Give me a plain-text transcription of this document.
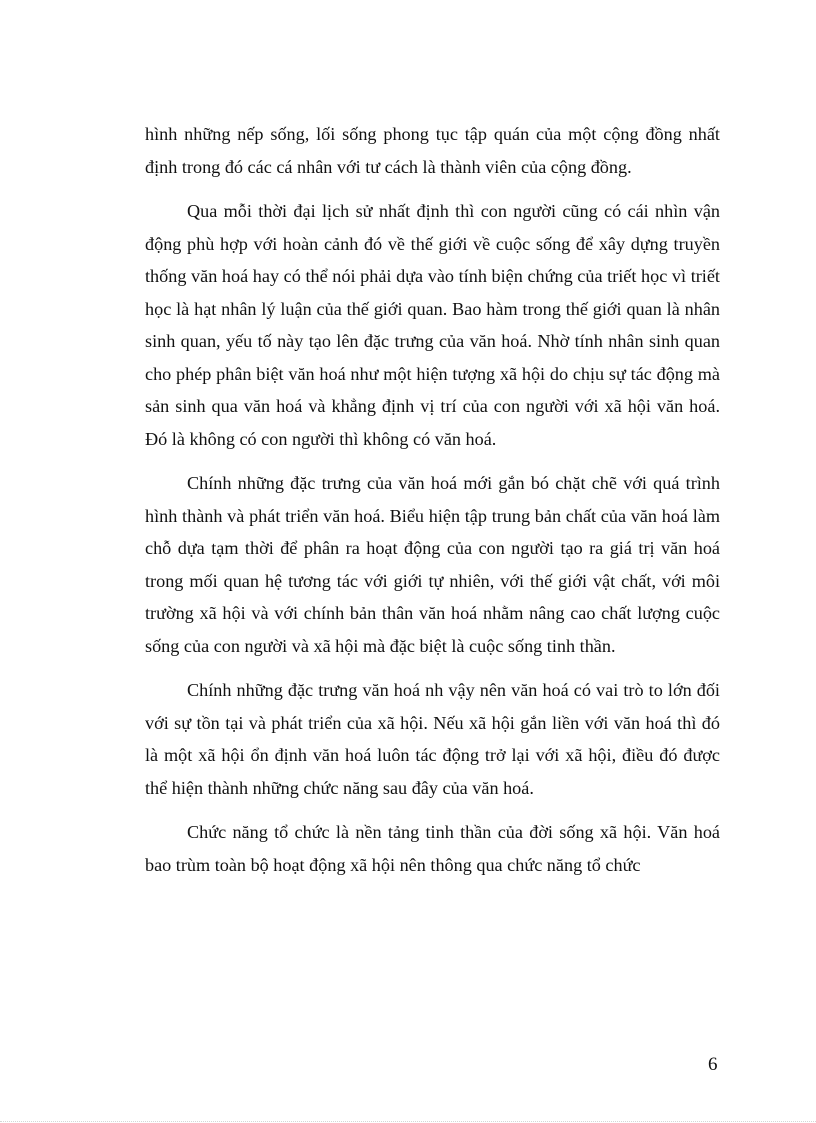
hình những nếp sống, lối sống phong tục tập quán của một cộng đồng nhất định trong đó các cá nhân với tư cách là thành viên của cộng đồng.

Qua mỗi thời đại lịch sử nhất định thì con người cũng có cái nhìn vận động phù hợp với hoàn cảnh đó về thế giới về cuộc sống để xây dựng truyền thống văn hoá hay có thể nói phải dựa vào tính biện chứng của triết học vì triết học là hạt nhân lý luận của thế giới quan. Bao hàm trong thế giới quan là nhân sinh quan, yếu tố này tạo lên đặc trưng của văn hoá. Nhờ tính nhân sinh quan cho phép phân biệt văn hoá như một hiện tượng xã hội do chịu sự tác động mà sản sinh qua văn hoá và khẳng định vị trí của con người với xã hội văn hoá. Đó là không có con người thì không có văn hoá.

Chính những đặc trưng của văn hoá mới gắn bó chặt chẽ với quá trình hình thành và phát triển văn hoá. Biểu hiện tập trung bản chất của văn hoá làm chỗ dựa tạm thời để phân ra hoạt động của con người tạo ra giá trị văn hoá trong mối quan hệ tương tác với giới tự nhiên, với thế giới vật chất, với môi trường xã hội và với chính bản thân văn hoá nhằm nâng cao chất lượng cuộc sống của con người và xã hội mà đặc biệt là cuộc sống tinh thần.

Chính những đặc trưng văn hoá nh vậy nên văn hoá có vai trò to lớn đối với sự tồn tại và phát triển của xã hội. Nếu xã hội gắn liền với văn hoá thì đó là một xã hội ổn định văn hoá luôn tác động trở lại với xã hội, điều đó được thể hiện thành những chức năng sau đây của văn hoá.

Chức năng tổ chức là nền tảng tinh thần của đời sống xã hội. Văn hoá bao trùm toàn bộ hoạt động xã hội nên thông qua chức năng tổ chức

6
